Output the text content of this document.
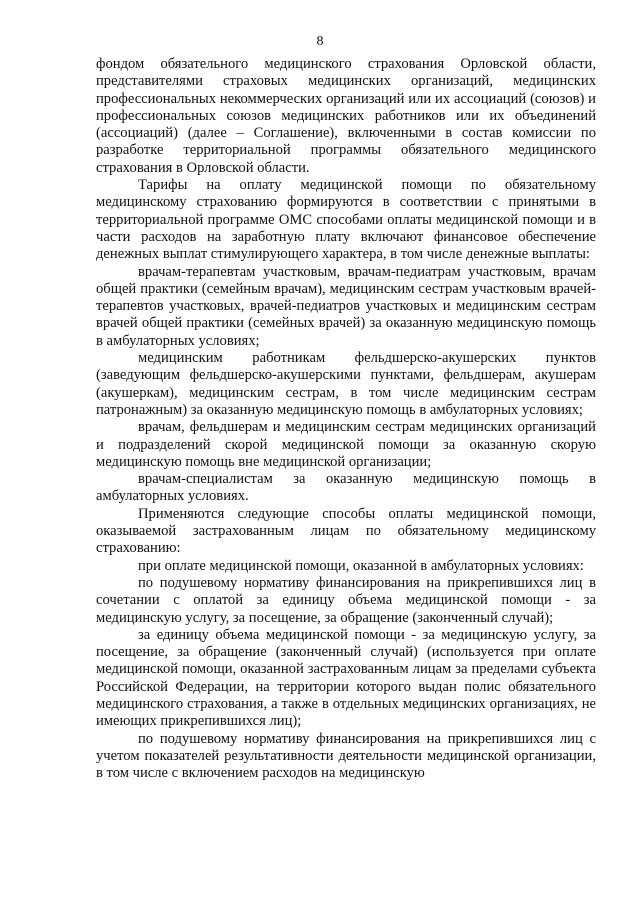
8

фондом обязательного медицинского страхования Орловской области, представителями страховых медицинских организаций, медицинских профессиональных некоммерческих организаций или их ассоциаций (союзов) и профессиональных союзов медицинских работников или их объединений (ассоциаций) (далее – Соглашение), включенными в состав комиссии по разработке территориальной программы обязательного медицинского страхования в Орловской области.

Тарифы на оплату медицинской помощи по обязательному медицинскому страхованию формируются в соответствии с принятыми в территориальной программе ОМС способами оплаты медицинской помощи и в части расходов на заработную плату включают финансовое обеспечение денежных выплат стимулирующего характера, в том числе денежные выплаты:

врачам-терапевтам участковым, врачам-педиатрам участковым, врачам общей практики (семейным врачам), медицинским сестрам участковым врачей-терапевтов участковых, врачей-педиатров участковых и медицинским сестрам врачей общей практики (семейных врачей) за оказанную медицинскую помощь в амбулаторных условиях;

медицинским работникам фельдшерско-акушерских пунктов (заведующим фельдшерско-акушерскими пунктами, фельдшерам, акушерам (акушеркам), медицинским сестрам, в том числе медицинским сестрам патронажным) за оказанную медицинскую помощь в амбулаторных условиях;

врачам, фельдшерам и медицинским сестрам медицинских организаций и подразделений скорой медицинской помощи за оказанную скорую медицинскую помощь вне медицинской организации;

врачам-специалистам за оказанную медицинскую помощь в амбулаторных условиях.

Применяются следующие способы оплаты медицинской помощи, оказываемой застрахованным лицам по обязательному медицинскому страхованию:

при оплате медицинской помощи, оказанной в амбулаторных условиях:

по подушевому нормативу финансирования на прикрепившихся лиц в сочетании с оплатой за единицу объема медицинской помощи - за медицинскую услугу, за посещение, за обращение (законченный случай);

за единицу объема медицинской помощи - за медицинскую услугу, за посещение, за обращение (законченный случай) (используется при оплате медицинской помощи, оказанной застрахованным лицам за пределами субъекта Российской Федерации, на территории которого выдан полис обязательного медицинского страхования, а также в отдельных медицинских организациях, не имеющих прикрепившихся лиц);

по подушевому нормативу финансирования на прикрепившихся лиц с учетом показателей результативности деятельности медицинской организации, в том числе с включением расходов на медицинскую
